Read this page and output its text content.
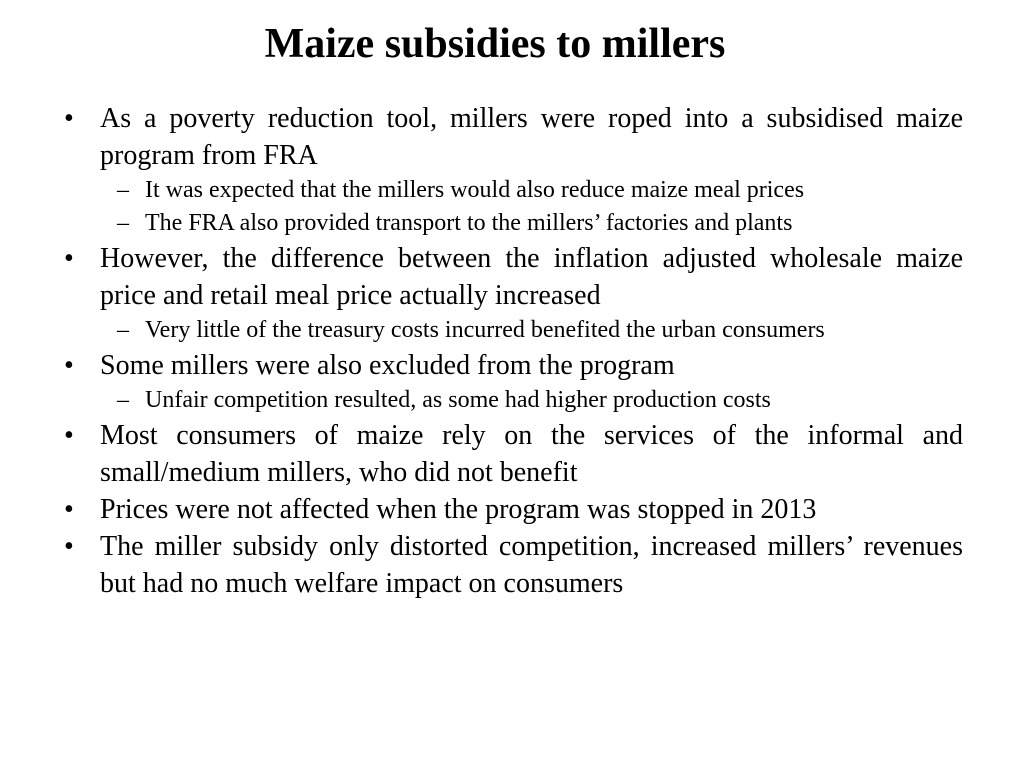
Maize subsidies to millers
• As a poverty reduction tool, millers were roped into a subsidised maize program from FRA
– It was expected that the millers would also reduce maize meal prices
– The FRA also provided transport to the millers’ factories and plants
• However, the difference between the inflation adjusted wholesale maize price and retail meal price actually increased
– Very little of the treasury costs incurred benefited the urban consumers
• Some millers were also excluded from the program
– Unfair competition resulted, as some had higher production costs
• Most consumers of maize rely on the services of the informal and small/medium millers, who did not benefit
• Prices were not affected when the program was stopped in 2013
• The miller subsidy only distorted competition, increased millers’ revenues but had no much welfare impact on consumers
